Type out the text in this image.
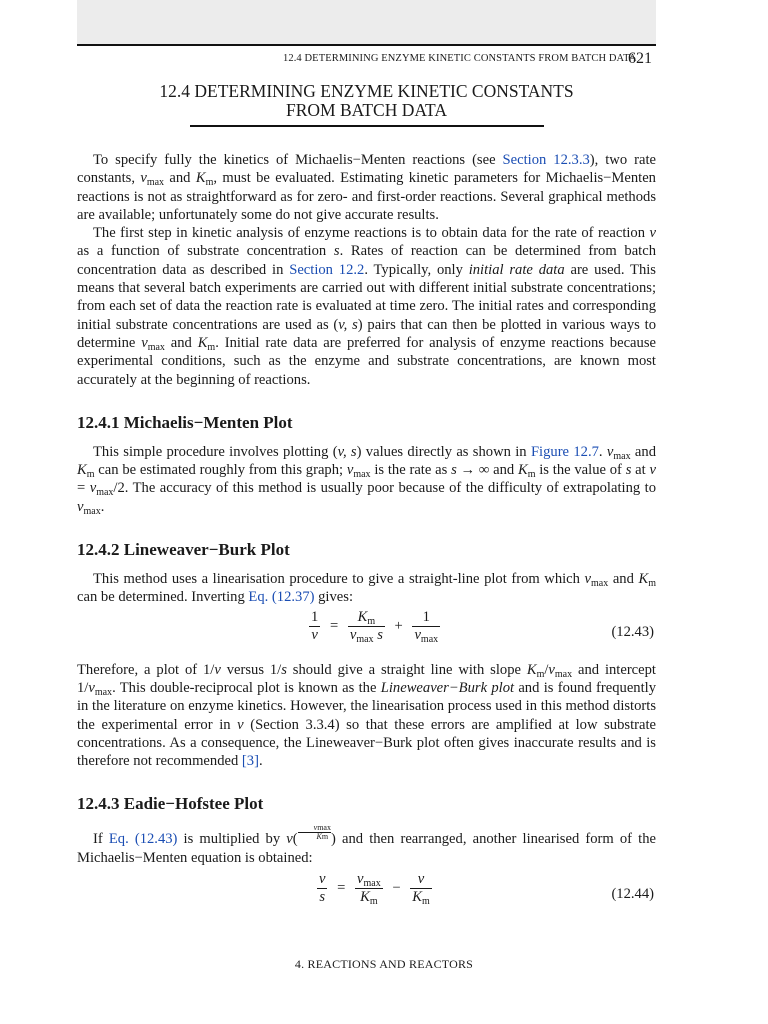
12.4 DETERMINING ENZYME KINETIC CONSTANTS FROM BATCH DATA
621
12.4 DETERMINING ENZYME KINETIC CONSTANTS
FROM BATCH DATA

To specify fully the kinetics of Michaelis−Menten reactions (see Section 12.3.3), two rate constants, $v_{max}$ and $K_m$, must be evaluated. Estimating kinetic parameters for Michaelis−Menten reactions is not as straightforward as for zero- and first-order reactions. Several graphical methods are available; unfortunately some do not give accurate results.

The first step in kinetic analysis of enzyme reactions is to obtain data for the rate of reaction v as a function of substrate concentration s. Rates of reaction can be determined from batch concentration data as described in Section 12.2. Typically, only initial rate data are used. This means that several batch experiments are carried out with different initial substrate concentrations; from each set of data the reaction rate is evaluated at time zero. The initial rates and corresponding initial substrate concentrations are used as (v, s) pairs that can then be plotted in various ways to determine $v_{max}$ and $K_m$. Initial rate data are preferred for analysis of enzyme reactions because experimental conditions, such as the enzyme and substrate concentrations, are known most accurately at the beginning of reactions.

12.4.1 Michaelis−Menten Plot

This simple procedure involves plotting (v, s) values directly as shown in Figure 12.7. $v_{max}$ and $K_m$ can be estimated roughly from this graph; $v_{max}$ is the rate as s → ∞ and $K_m$ is the value of s at $v = v_{max}/2$. The accuracy of this method is usually poor because of the difficulty of extrapolating to $v_{max}$.

12.4.2 Lineweaver−Burk Plot

This method uses a linearisation procedure to give a straight-line plot from which $v_{max}$ and $K_m$ can be determined. Inverting Eq. (12.37) gives:

$\frac{1}{v} = \frac{K_m}{v_{max} s} + \frac{1}{v_{max}}$	(12.43)

Therefore, a plot of 1/v versus 1/s should give a straight line with slope $K_m/v_{max}$ and intercept $1/v_{max}$. This double-reciprocal plot is known as the Lineweaver−Burk plot and is found frequently in the literature on enzyme kinetics. However, the linearisation process used in this method distorts the experimental error in v (Section 3.3.4) so that these errors are amplified at low substrate concentrations. As a consequence, the Lineweaver−Burk plot often gives inaccurate results and is therefore not recommended [3].

12.4.3 Eadie−Hofstee Plot

If Eq. (12.43) is multiplied by $v( \frac{vmax}{Km}$ ) and then rearranged, another linearised form of the Michaelis−Menten equation is obtained:

$\frac{v}{s} = \frac{v_{max}}{K_m} - \frac{v}{K_m}$	(12.44)
4. REACTIONS AND REACTORS
